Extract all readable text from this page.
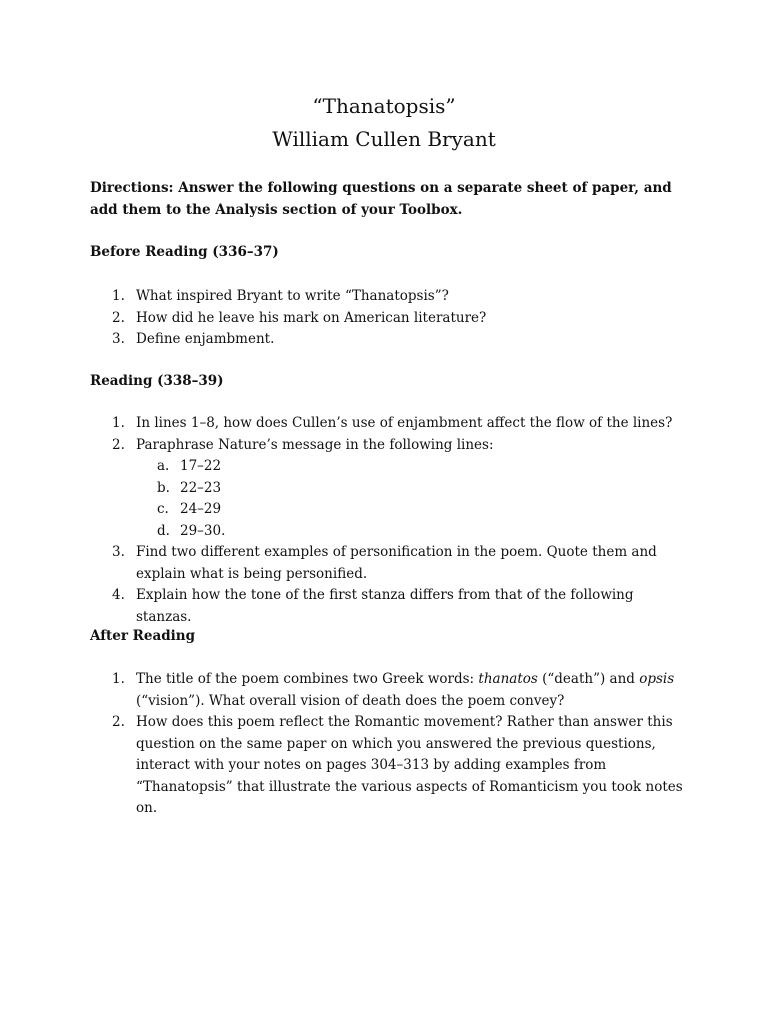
“Thanatopsis”
William Cullen Bryant
Directions: Answer the following questions on a separate sheet of paper, and add them to the Analysis section of your Toolbox.
Before Reading (336–37)
1. What inspired Bryant to write “Thanatopsis”?
2. How did he leave his mark on American literature?
3. Define enjambment.
Reading (338–39)
1. In lines 1–8, how does Cullen’s use of enjambment affect the flow of the lines?
2. Paraphrase Nature’s message in the following lines:
a. 17–22
b. 22–23
c. 24–29
d. 29–30.
3. Find two different examples of personification in the poem. Quote them and explain what is being personified.
4. Explain how the tone of the first stanza differs from that of the following stanzas.
After Reading
1. The title of the poem combines two Greek words: thanatos (“death”) and opsis (“vision”). What overall vision of death does the poem convey?
2. How does this poem reflect the Romantic movement? Rather than answer this question on the same paper on which you answered the previous questions, interact with your notes on pages 304–313 by adding examples from “Thanatopsis” that illustrate the various aspects of Romanticism you took notes on.
